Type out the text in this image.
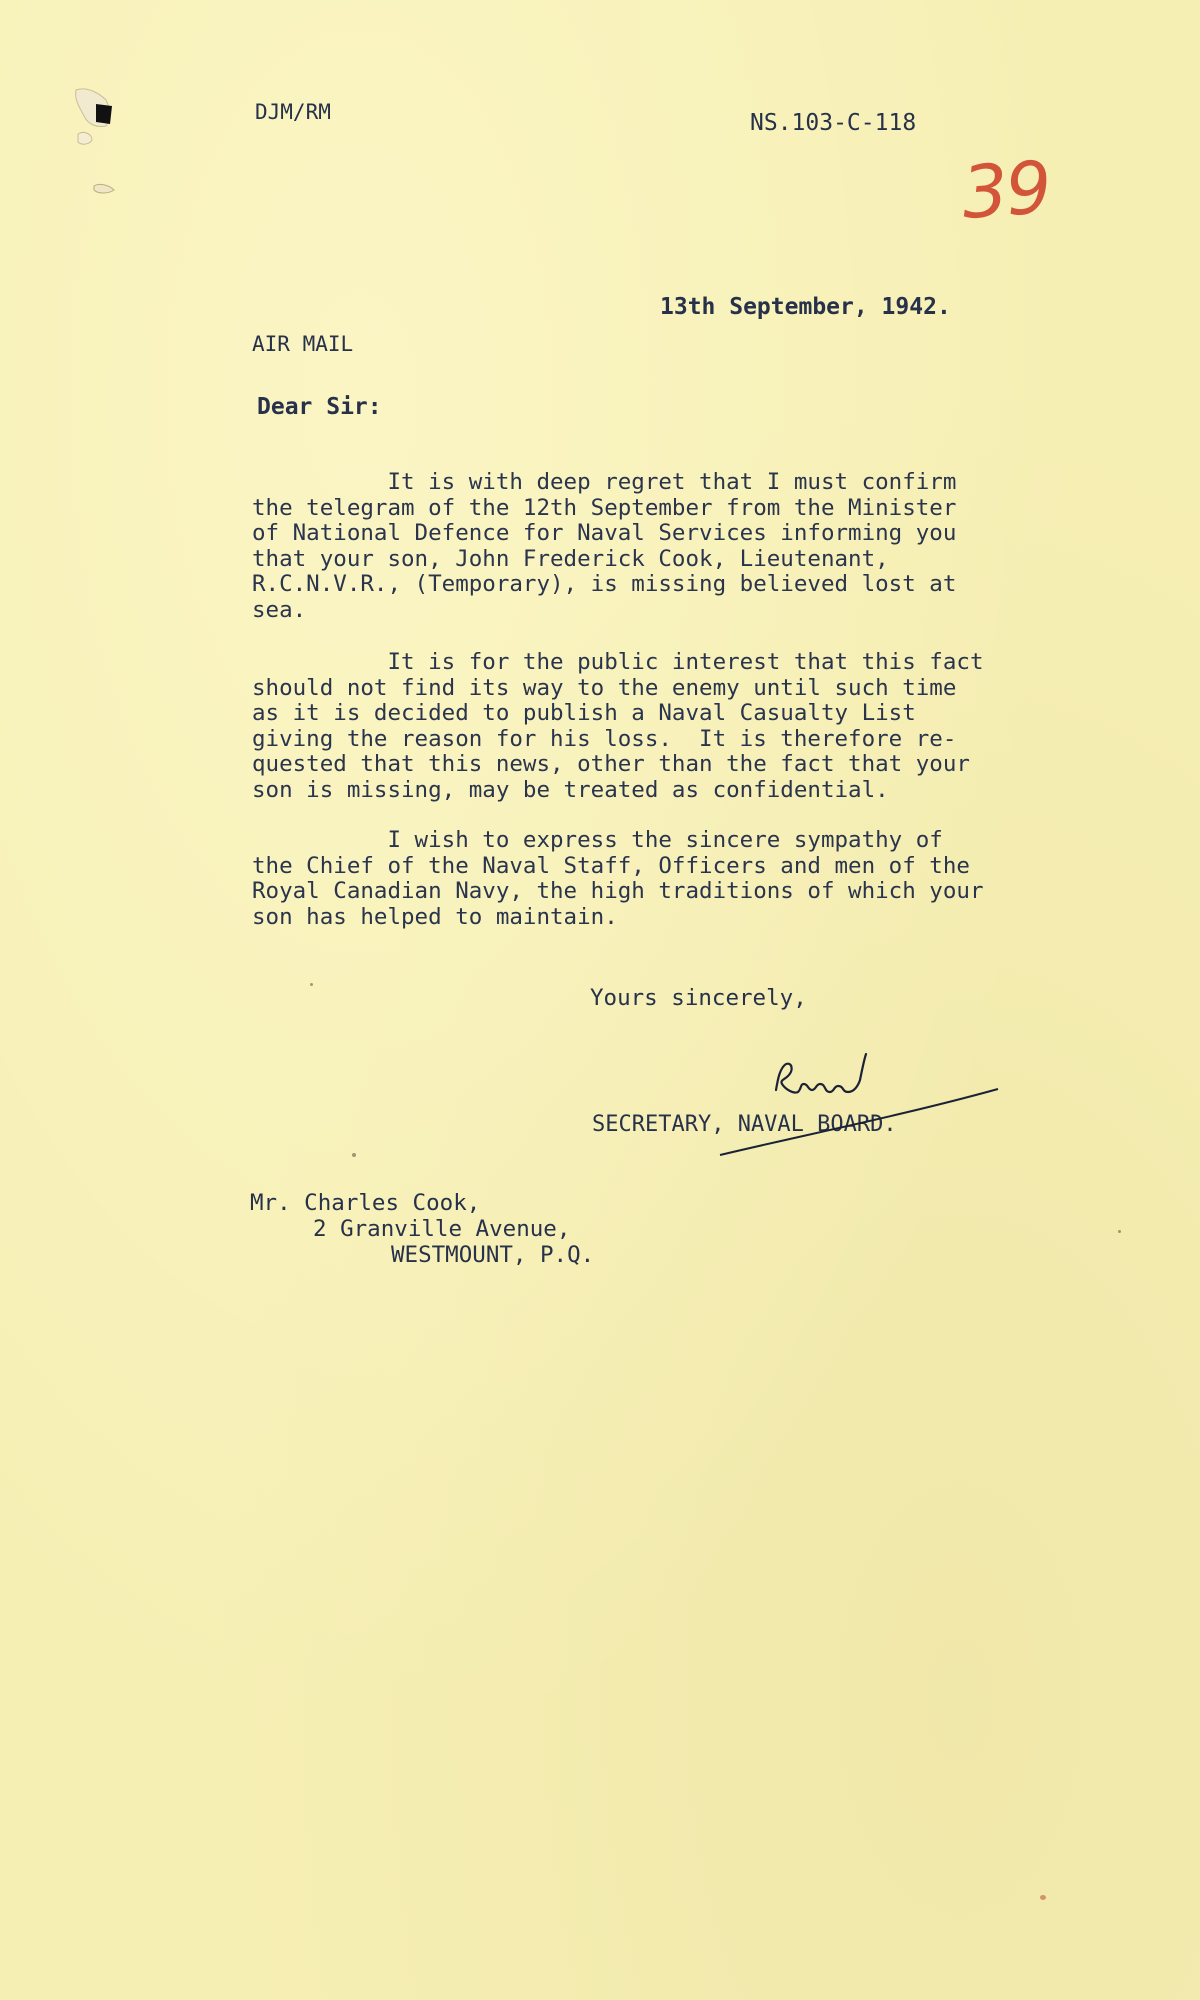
DJM/RM	NS.103-C-118
39
13th September, 1942.
AIR MAIL
Dear Sir:

It is with deep regret that I must confirm
the telegram of the 12th September from the Minister
of National Defence for Naval Services informing you
that your son, John Frederick Cook, Lieutenant,
R.C.N.V.R., (Temporary), is missing believed lost at
sea.

It is for the public interest that this fact
should not find its way to the enemy until such time
as it is decided to publish a Naval Casualty List
giving the reason for his loss.  It is therefore re-
quested that this news, other than the fact that your
son is missing, may be treated as confidential.

I wish to express the sincere sympathy of
the Chief of the Naval Staff, Officers and men of the
Royal Canadian Navy, the high traditions of which your
son has helped to maintain.

Yours sincerely,
SECRETARY, NAVAL BOARD.
Mr. Charles Cook,
2 Granville Avenue,
WESTMOUNT, P.Q.
